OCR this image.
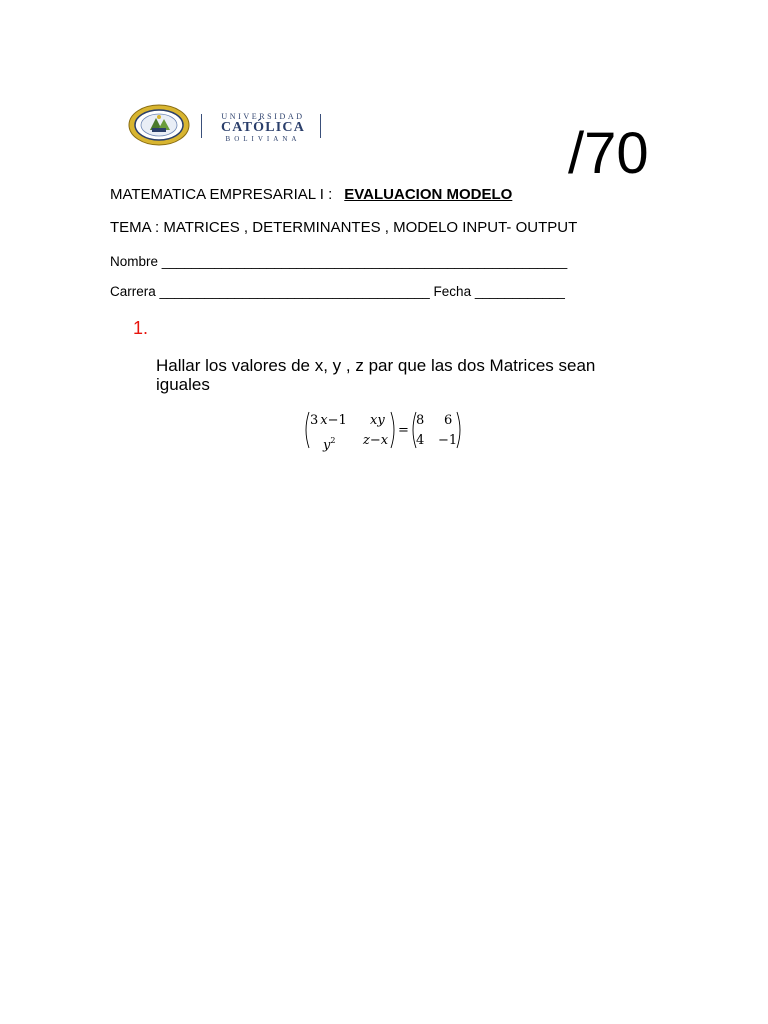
UNIVERSIDAD
CATÓLICA
BOLIVIANA	/70
MATEMATICA EMPRESARIAL I : EVALUACION MODELO
TEMA : MATRICES , DETERMINANTES , MODELO INPUT- OUTPUT
Nombre ______________________________________________________
Carrera ____________________________________ Fecha ____________
1.
Hallar los valores de x, y , z par que las dos Matrices sean iguales
3 x−1 xy
$y^2$ z−x
=
8 6
4 −1
